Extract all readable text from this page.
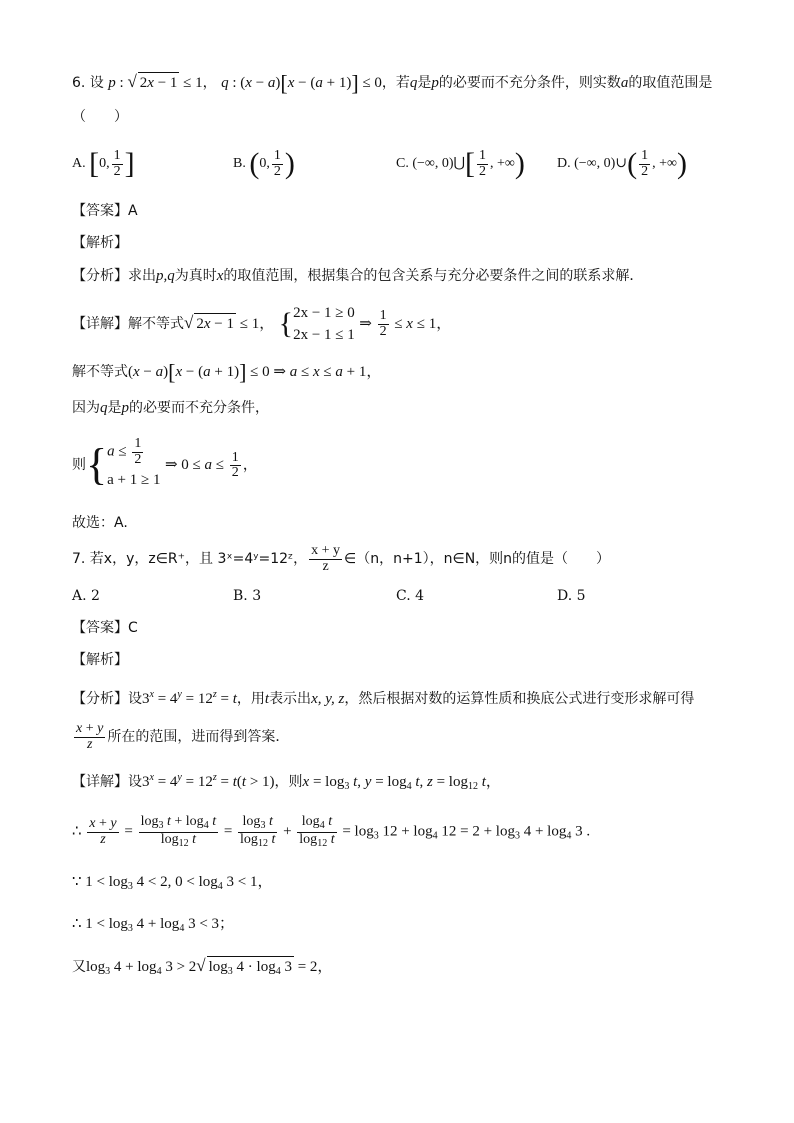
6. 设 p : √ 2x − 1 ≤ 1， q : (x − a)[x − (a + 1)] ≤ 0，若q是p的必要而不充分条件，则实数a的取值范围是
（　　）
A. [0, $\frac{1}{2}$ ]	B. (0, $\frac{1}{2}$ )	C. (−∞, 0)⋃[ $\frac{1}{2}$ , +∞) D. (−∞, 0)∪( $\frac{1}{2}$ , +∞)
【答案】A
【解析】
【分析】求出p,q为真时x的取值范围，根据集合的包含关系与充分必要条件之间的联系求解．
【详解】解不等式√ 2x − 1 ≤ 1， { 2x − 1 ≥ 0
2x − 1 ≤ 1
⇒ $\frac{1}{2} \le x \le 1$，
解不等式(x − a)[x − (a + 1)] ≤ 0 ⇒ a ≤ x ≤ a + 1，
因为q是p的必要而不充分条件，
则{ $a \le \frac{1}{2}$
a + 1 ≥ 1
⇒ $0 \le a \le \frac{1}{2}$ ，
故选：A.
7. 若x，y，z∈R⁺，且 3ˣ=4ʸ=12ᶻ， $\frac{x + y}{z}$ ∈（n，n+1），n∈N，则n的值是（　　）
A. 2	B. 3	C. 4	D. 5
【答案】C
【解析】
【分析】设$3^x = 4^y = 12^z = t$，用t表示出x, y, z，然后根据对数的运算性质和换底公式进行变形求解可得
$\frac{x + y}{z}$ 所在的范围，进而得到答案．
【详解】设$3^x = 4^y = 12^z = t(t > 1)$，则$x = \log_3 t$, $y = \log_4 t$, $z = \log_{12} t$，
∴ $\frac{x + y}{z} = \frac{\log_3 t + \log_4 t}{\log_{12} t} = \frac{\log_3 t}{\log_{12} t} + \frac{\log_4 t}{\log_{12} t} = \log_3 12 + \log_4 12 = 2 + \log_3 4 + \log_4 3$ .
∵ $1 < \log_3 4 < 2$, $0 < \log_4 3 < 1$，
∴ $1 < \log_3 4 + \log_4 3 < 3$；
又$\log_3 4 + \log_4 3 > 2√$ $\log_3 4 \cdot \log_4 3 = 2$，
